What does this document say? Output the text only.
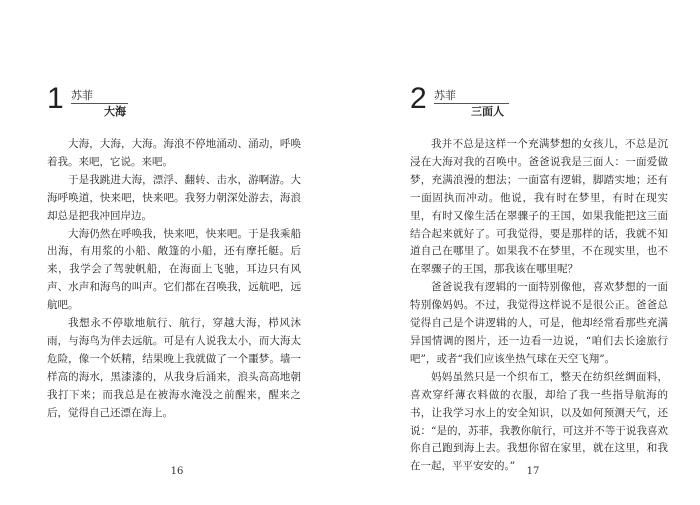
1 苏菲
大海

大海，大海，大海。海浪不停地涌动、涌动，呼唤着我。来吧，它说。来吧。

于是我跳进大海，漂浮、翻转、击水，游啊游。大海呼唤道，快来吧，快来吧。我努力朝深处游去，海浪却总是把我冲回岸边。

大海仍然在呼唤我，快来吧，快来吧。于是我乘船出海，有用浆的小船、敞篷的小船，还有摩托艇。后来，我学会了驾驶帆船，在海面上飞驰，耳边只有风声、水声和海鸟的叫声。它们都在召唤我，远航吧，远航吧。

我想永不停歇地航行、航行，穿越大海，栉风沐雨，与海鸟为伴去远航。可是有人说我太小，而大海太危险，像一个妖精，结果晚上我就做了一个噩梦。墙一样高的海水，黑漆漆的，从我身后涌来，浪头高高地朝我打下来；而我总是在被海水淹没之前醒来，醒来之后，觉得自己还漂在海上。

16
2 苏菲
三面人

我并不总是这样一个充满梦想的女孩儿，不总是沉浸在大海对我的召唤中。爸爸说我是三面人：一面爱做梦，充满浪漫的想法；一面富有逻辑，脚踏实地；还有一面固执而冲动。他说，我有时在梦里，有时在现实里，有时又像生活在翠骤子的王国，如果我能把这三面结合起来就好了。可我觉得，要是那样的话，我就不知道自己在哪里了。如果我不在梦里，不在现实里，也不在翠骤子的王国，那我该在哪里呢？

爸爸说我有逻辑的一面特别像他，喜欢梦想的一面特别像妈妈。不过，我觉得这样说不是很公正。爸爸总觉得自己是个讲逻辑的人，可是，他却经常看那些充满异国情调的图片，还一边看一边说，“咱们去长途旅行吧”，或者“我们应该坐热气球在天空飞翔”。

妈妈虽然只是一个织布工，整天在纺织丝绸面料，喜欢穿纤薄衣料做的衣服，却给了我一些指导航海的书，让我学习水上的安全知识，以及如何预测天气，还说：“是的，苏菲，我教你航行，可这并不等于说我喜欢你自己跑到海上去。我想你留在家里，就在这里，和我在一起，平平安安的。”	17
